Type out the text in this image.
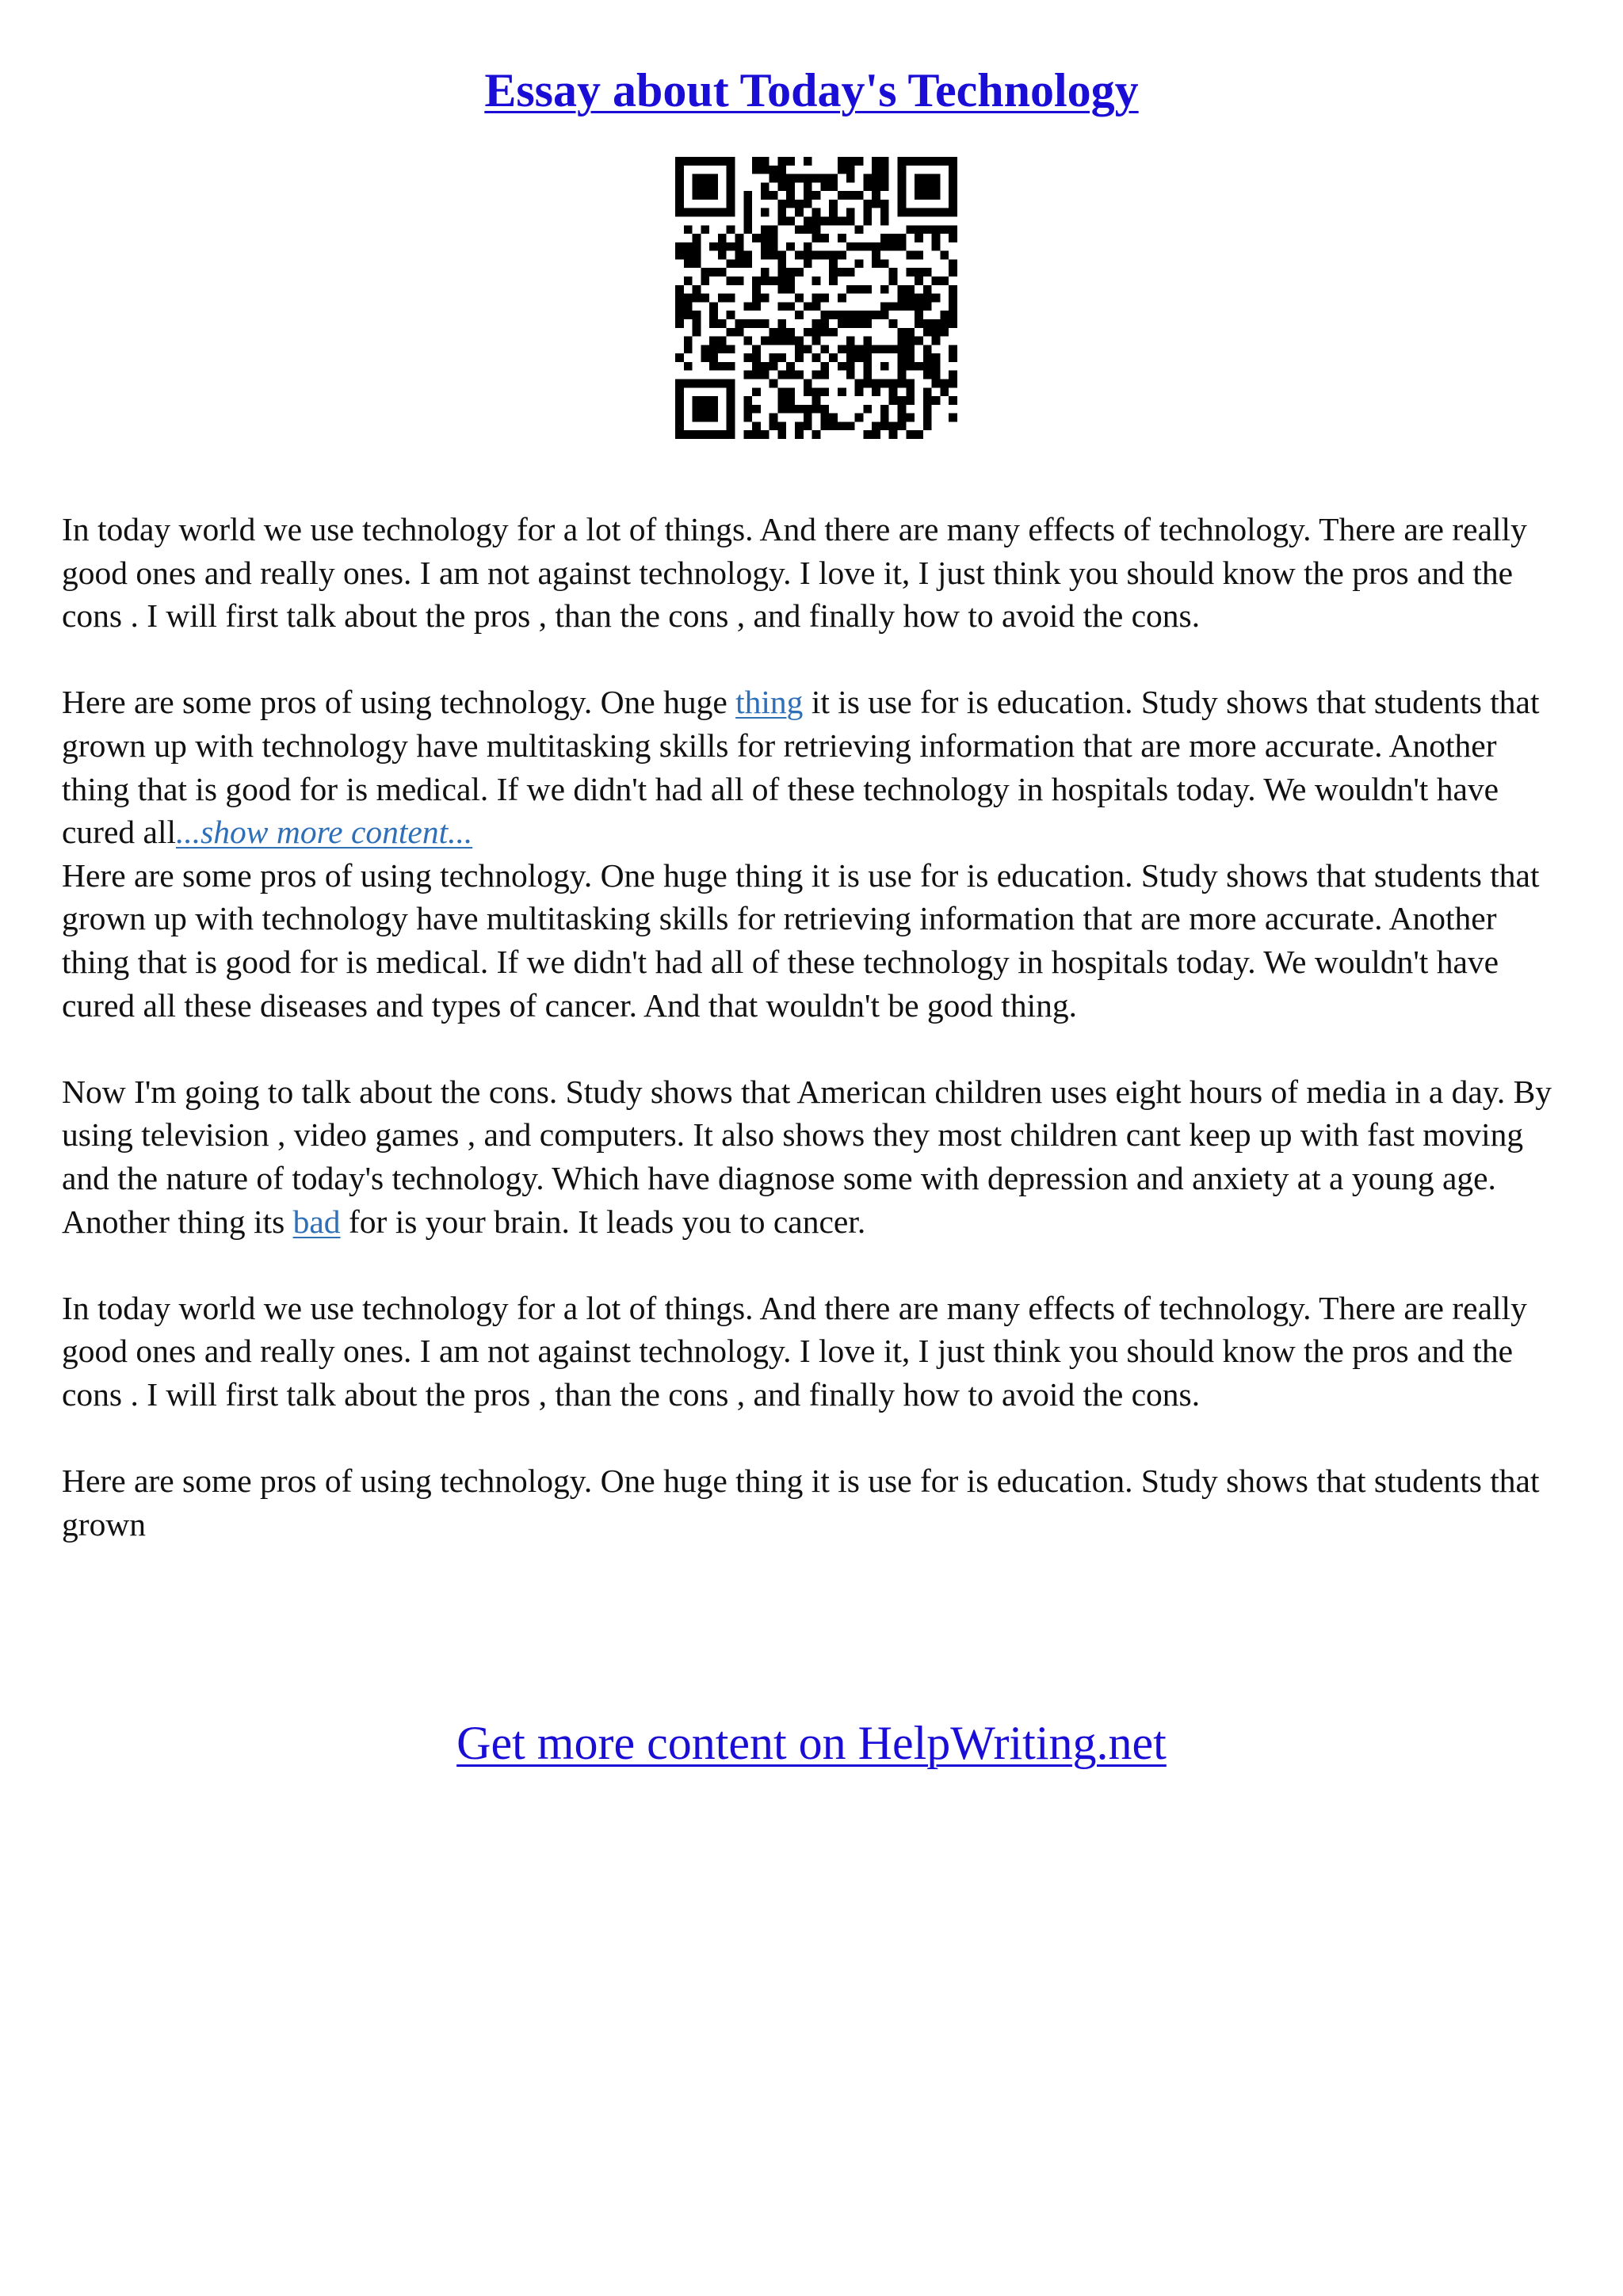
Essay about Today's Technology

In today world we use technology for a lot of things. And there are many effects of technology. There are really good ones and really ones. I am not against technology. I love it, I just think you should know the pros and the cons . I will first talk about the pros , than the cons , and finally how to avoid the cons.

Here are some pros of using technology. One huge thing it is use for is education. Study shows that students that grown up with technology have multitasking skills for retrieving information that are more accurate. Another thing that is good for is medical. If we didn't had all of these technology in hospitals today. We wouldn't have cured all...show more content...

Here are some pros of using technology. One huge thing it is use for is education. Study shows that students that grown up with technology have multitasking skills for retrieving information that are more accurate. Another thing that is good for is medical. If we didn't had all of these technology in hospitals today. We wouldn't have cured all these diseases and types of cancer. And that wouldn't be good thing.

Now I'm going to talk about the cons. Study shows that American children uses eight hours of media in a day. By using television , video games , and computers. It also shows they most children cant keep up with fast moving and the nature of today's technology. Which have diagnose some with depression and anxiety at a young age. Another thing its bad for is your brain. It leads you to cancer.

In today world we use technology for a lot of things. And there are many effects of technology. There are really good ones and really ones. I am not against technology. I love it, I just think you should know the pros and the cons . I will first talk about the pros , than the cons , and finally how to avoid the cons.

Here are some pros of using technology. One huge thing it is use for is education. Study shows that students that grown

Get more content on HelpWriting.net
